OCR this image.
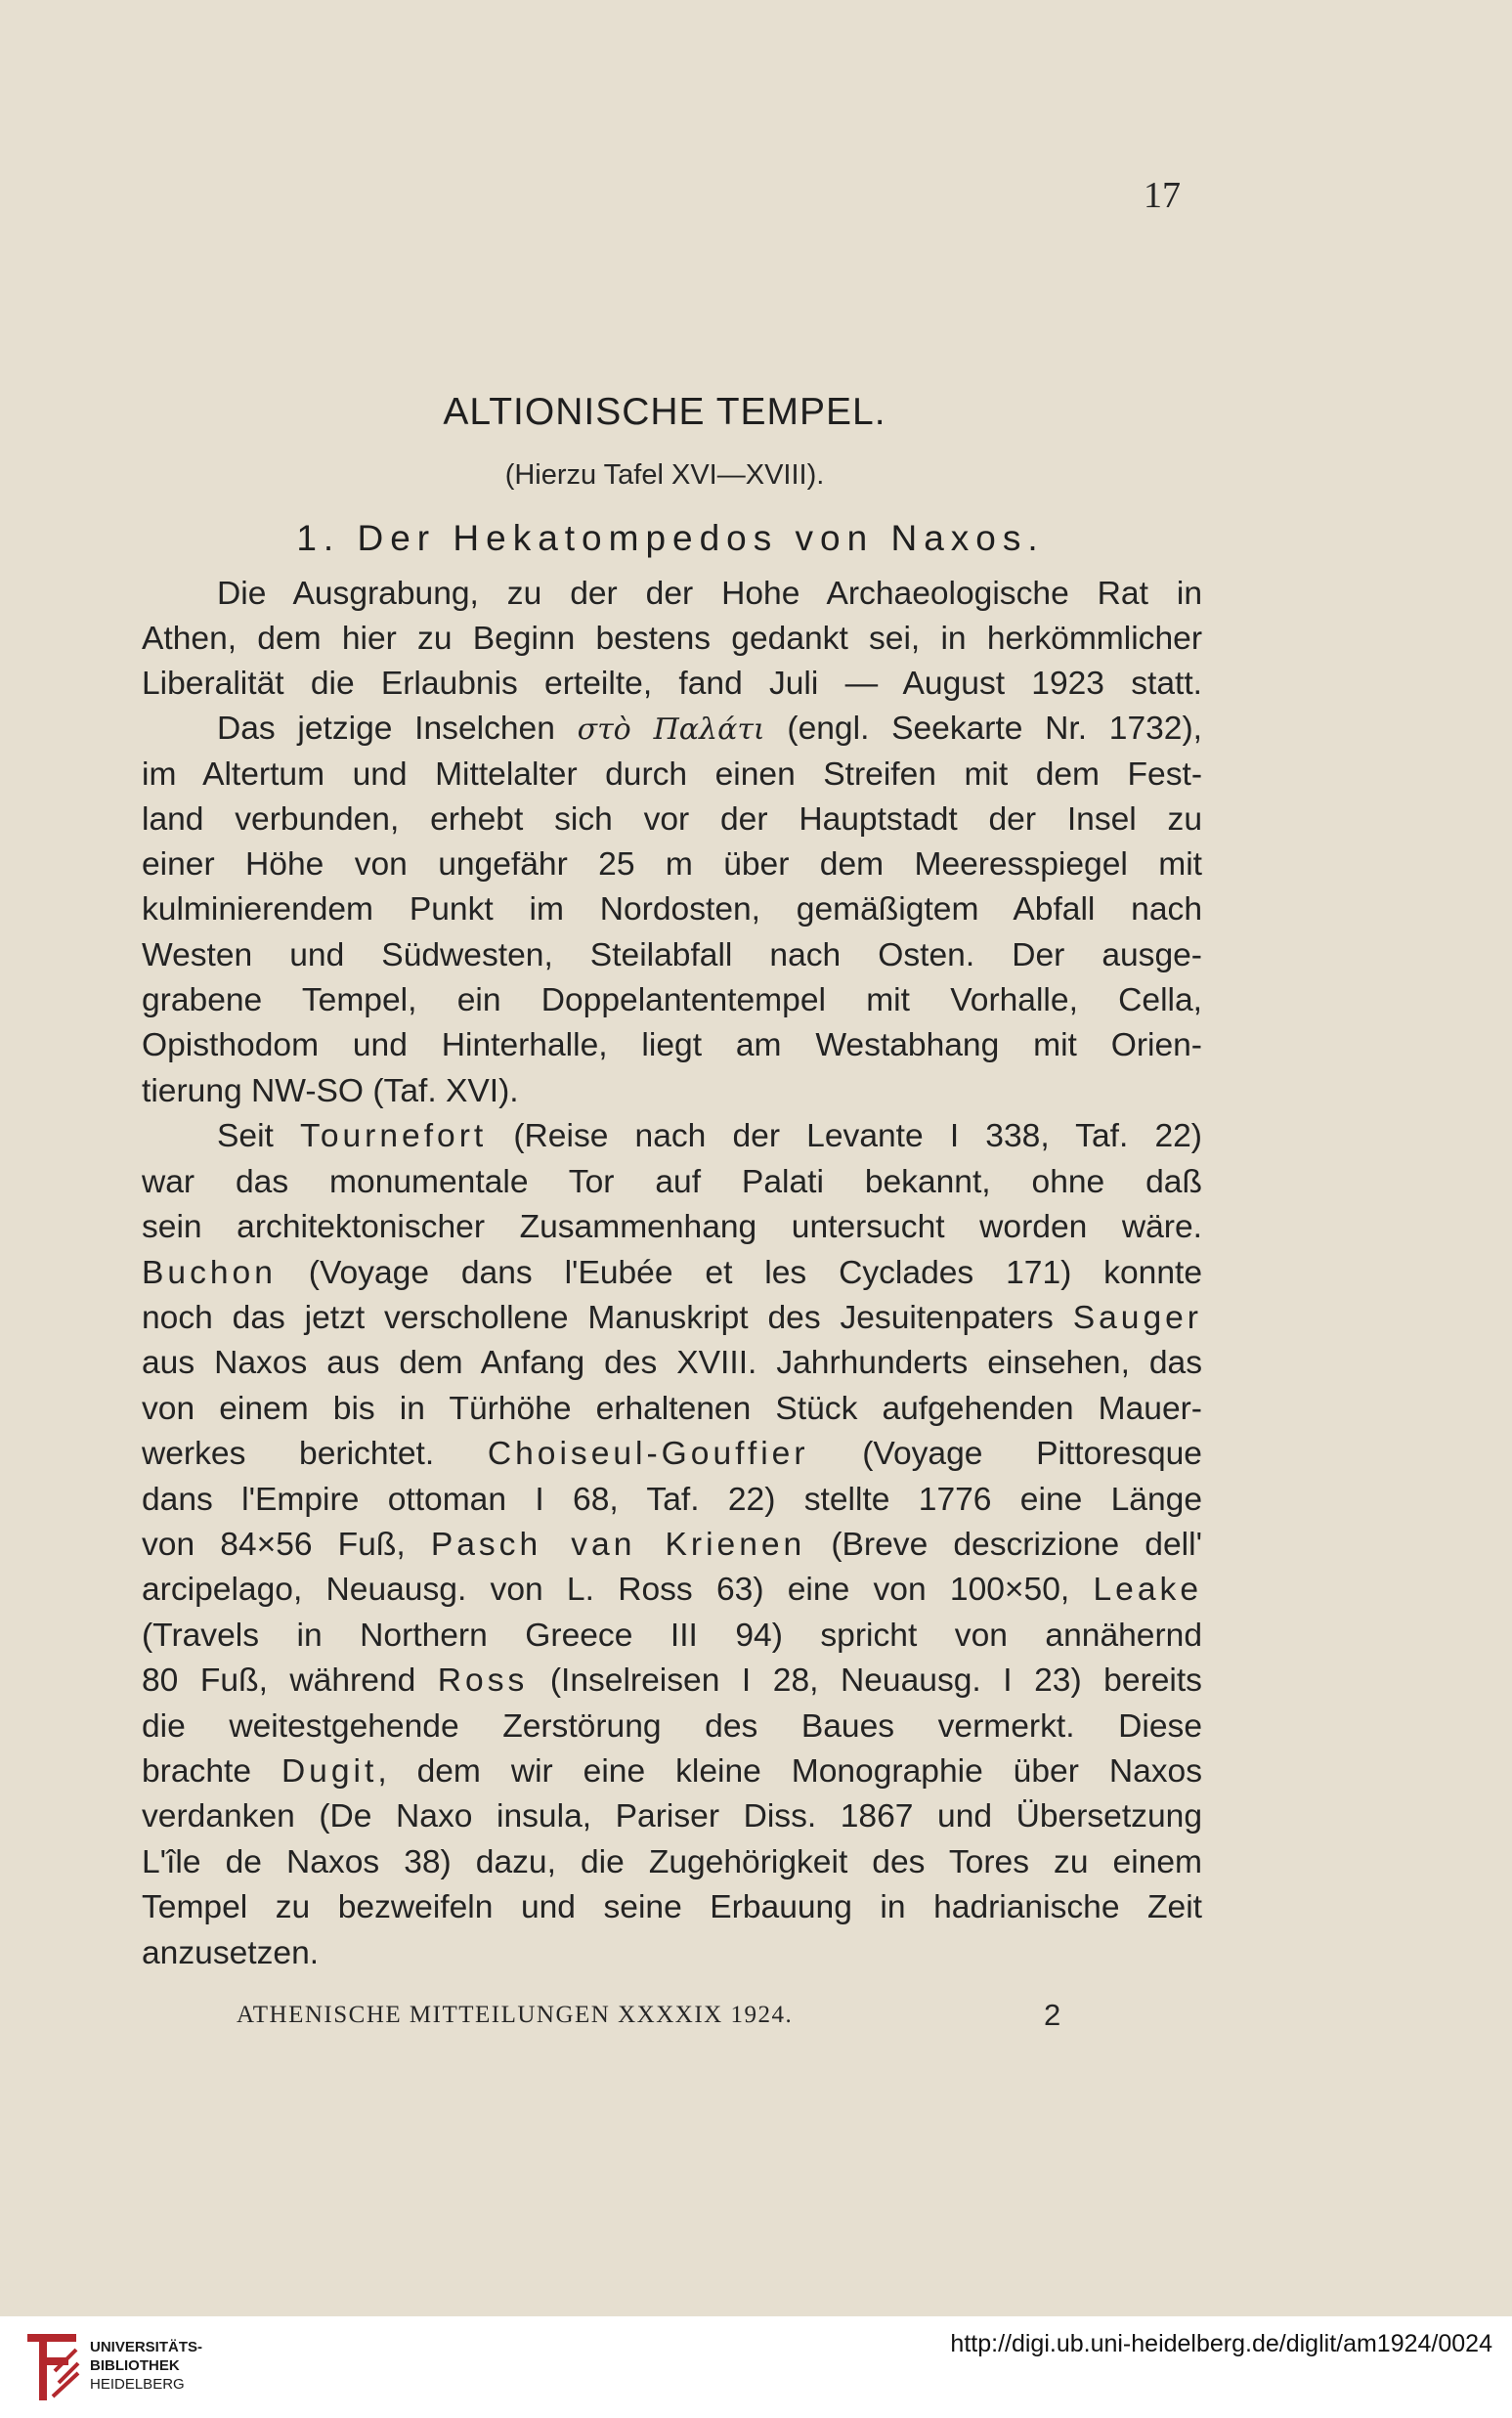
17
ALTIONISCHE TEMPEL.
(Hierzu Tafel XVI—XVIII).
1. Der Hekatompedos von Naxos.
Die Ausgrabung, zu der der Hohe Archaeologische Rat in
Athen, dem hier zu Beginn bestens gedankt sei, in herkömmlicher
Liberalität die Erlaubnis erteilte, fand Juli — August 1923 statt.
Das jetzige Inselchen στὸ Παλάτι (engl. Seekarte Nr. 1732),
im Altertum und Mittelalter durch einen Streifen mit dem Fest-
land verbunden, erhebt sich vor der Hauptstadt der Insel zu
einer Höhe von ungefähr 25 m über dem Meeresspiegel mit
kulminierendem Punkt im Nordosten, gemäßigtem Abfall nach
Westen und Südwesten, Steilabfall nach Osten. Der ausge-
grabene Tempel, ein Doppelantentempel mit Vorhalle, Cella,
Opisthodom und Hinterhalle, liegt am Westabhang mit Orien-
tierung NW-SO (Taf. XVI).
Seit Tournefort (Reise nach der Levante I 338, Taf. 22)
war das monumentale Tor auf Palati bekannt, ohne daß
sein architektonischer Zusammenhang untersucht worden wäre.
Buchon (Voyage dans l'Eubée et les Cyclades 171) konnte
noch das jetzt verschollene Manuskript des Jesuitenpaters Sauger
aus Naxos aus dem Anfang des XVIII. Jahrhunderts einsehen, das
von einem bis in Türhöhe erhaltenen Stück aufgehenden Mauer-
werkes berichtet. Choiseul-Gouffier (Voyage Pittoresque
dans l'Empire ottoman I 68, Taf. 22) stellte 1776 eine Länge
von 84×56 Fuß, Pasch van Krienen (Breve descrizione dell'
arcipelago, Neuausg. von L. Ross 63) eine von 100×50, Leake
(Travels in Northern Greece III 94) spricht von annähernd
80 Fuß, während Ross (Inselreisen I 28, Neuausg. I 23) bereits
die weitestgehende Zerstörung des Baues vermerkt. Diese
brachte Dugit, dem wir eine kleine Monographie über Naxos
verdanken (De Naxo insula, Pariser Diss. 1867 und Übersetzung
L'île de Naxos 38) dazu, die Zugehörigkeit des Tores zu einem
Tempel zu bezweifeln und seine Erbauung in hadrianische Zeit
anzusetzen.
ATHENISCHE MITTEILUNGEN XXXXIX 1924.	2
UNIVERSITÄTS-
BIBLIOTHEK
HEIDELBERG
http://digi.ub.uni-heidelberg.de/diglit/am1924/0024
